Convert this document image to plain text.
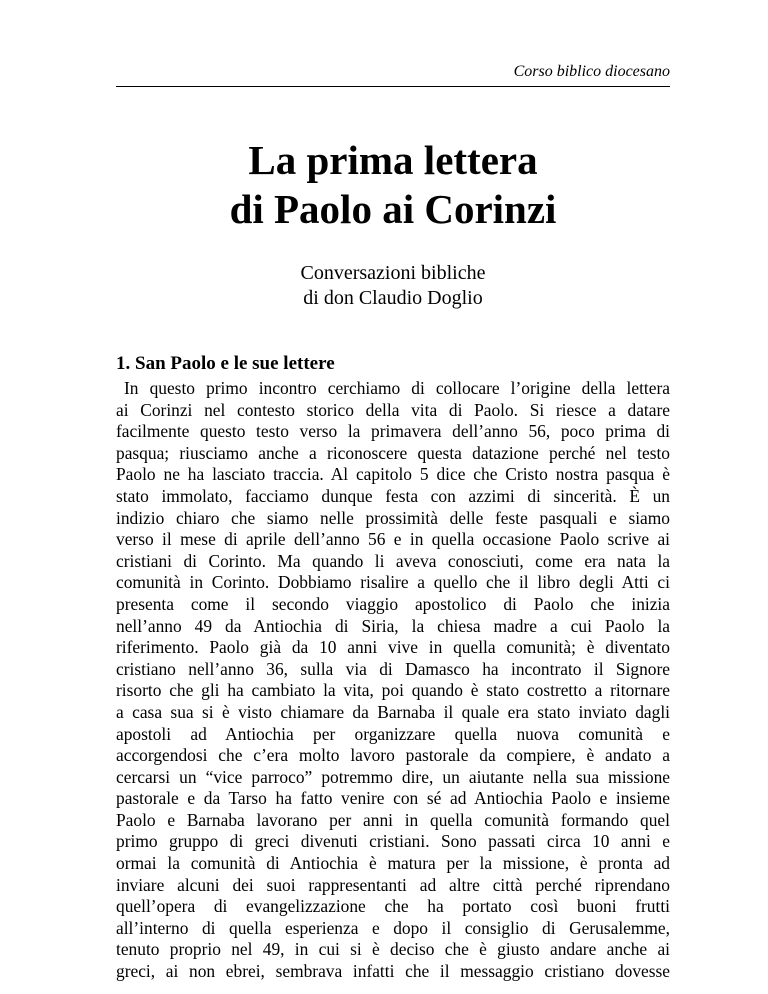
Corso biblico diocesano
La prima lettera
di Paolo ai Corinzi
Conversazioni bibliche
di don Claudio Doglio
1. San Paolo e le sue lettere
In questo primo incontro cerchiamo di collocare l’origine della lettera
ai Corinzi nel contesto storico della vita di Paolo. Si riesce a datare
facilmente questo testo verso la primavera dell’anno 56, poco prima di
pasqua; riusciamo anche a riconoscere questa datazione perché nel testo
Paolo ne ha lasciato traccia. Al capitolo 5 dice che Cristo nostra pasqua è
stato immolato, facciamo dunque festa con azzimi di sincerità. È un
indizio chiaro che siamo nelle prossimità delle feste pasquali e siamo
verso il mese di aprile dell’anno 56 e in quella occasione Paolo scrive ai
cristiani di Corinto. Ma quando li aveva conosciuti, come era nata la
comunità in Corinto. Dobbiamo risalire a quello che il libro degli Atti ci
presenta come il secondo viaggio apostolico di Paolo che inizia
nell’anno 49 da Antiochia di Siria, la chiesa madre a cui Paolo la
riferimento. Paolo già da 10 anni vive in quella comunità; è diventato
cristiano nell’anno 36, sulla via di Damasco ha incontrato il Signore
risorto che gli ha cambiato la vita, poi quando è stato costretto a ritornare
a casa sua si è visto chiamare da Barnaba il quale era stato inviato dagli
apostoli ad Antiochia per organizzare quella nuova comunità e
accorgendosi che c’era molto lavoro pastorale da compiere, è andato a
cercarsi un “vice parroco” potremmo dire, un aiutante nella sua missione
pastorale e da Tarso ha fatto venire con sé ad Antiochia Paolo e insieme
Paolo e Barnaba lavorano per anni in quella comunità formando quel
primo gruppo di greci divenuti cristiani. Sono passati circa 10 anni e
ormai la comunità di Antiochia è matura per la missione, è pronta ad
inviare alcuni dei suoi rappresentanti ad altre città perché riprendano
quell’opera di evangelizzazione che ha portato così buoni frutti
all’interno di quella esperienza e dopo il consiglio di Gerusalemme,
tenuto proprio nel 49, in cui si è deciso che è giusto andare anche ai
greci, ai non ebrei, sembrava infatti che il messaggio cristiano dovesse
